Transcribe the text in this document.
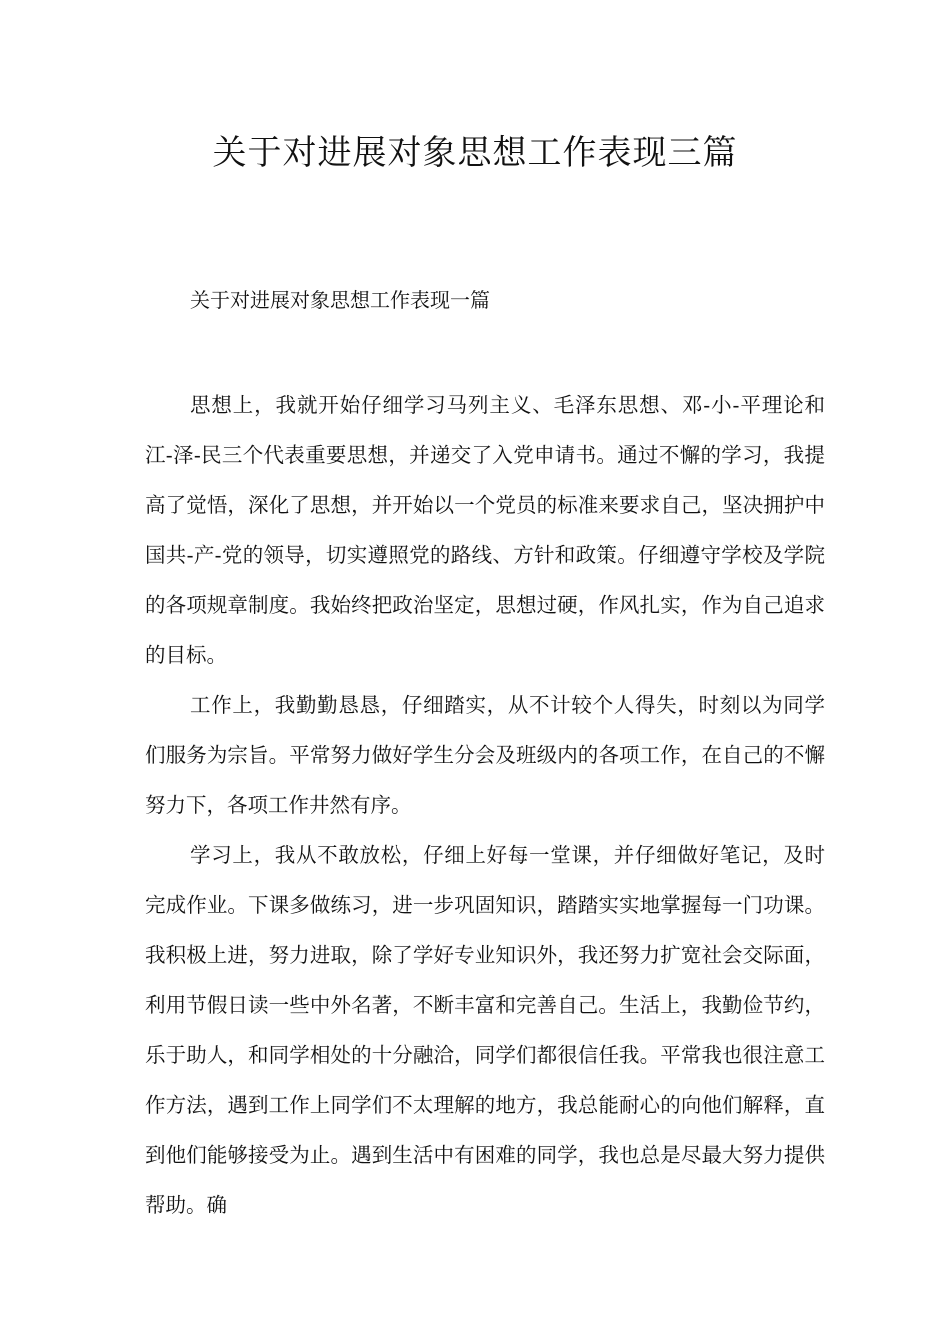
关于对进展对象思想工作表现三篇
关于对进展对象思想工作表现一篇

思想上，我就开始仔细学习马列主义、毛泽东思想、邓-小-平理论和江-泽-民三个代表重要思想，并递交了入党申请书。通过不懈的学习，我提高了觉悟，深化了思想，并开始以一个党员的标准来要求自己，坚决拥护中国共-产-党的领导，切实遵照党的路线、方针和政策。仔细遵守学校及学院的各项规章制度。我始终把政治坚定，思想过硬，作风扎实，作为自己追求的目标。

工作上，我勤勤恳恳，仔细踏实，从不计较个人得失，时刻以为同学们服务为宗旨。平常努力做好学生分会及班级内的各项工作，在自己的不懈努力下，各项工作井然有序。

学习上，我从不敢放松，仔细上好每一堂课，并仔细做好笔记，及时完成作业。下课多做练习，进一步巩固知识，踏踏实实地掌握每一门功课。我积极上进，努力进取，除了学好专业知识外，我还努力扩宽社会交际面，利用节假日读一些中外名著，不断丰富和完善自己。生活上，我勤俭节约，乐于助人，和同学相处的十分融洽，同学们都很信任我。平常我也很注意工作方法，遇到工作上同学们不太理解的地方，我总能耐心的向他们解释，直到他们能够接受为止。遇到生活中有困难的同学，我也总是尽最大努力提供帮助。确
